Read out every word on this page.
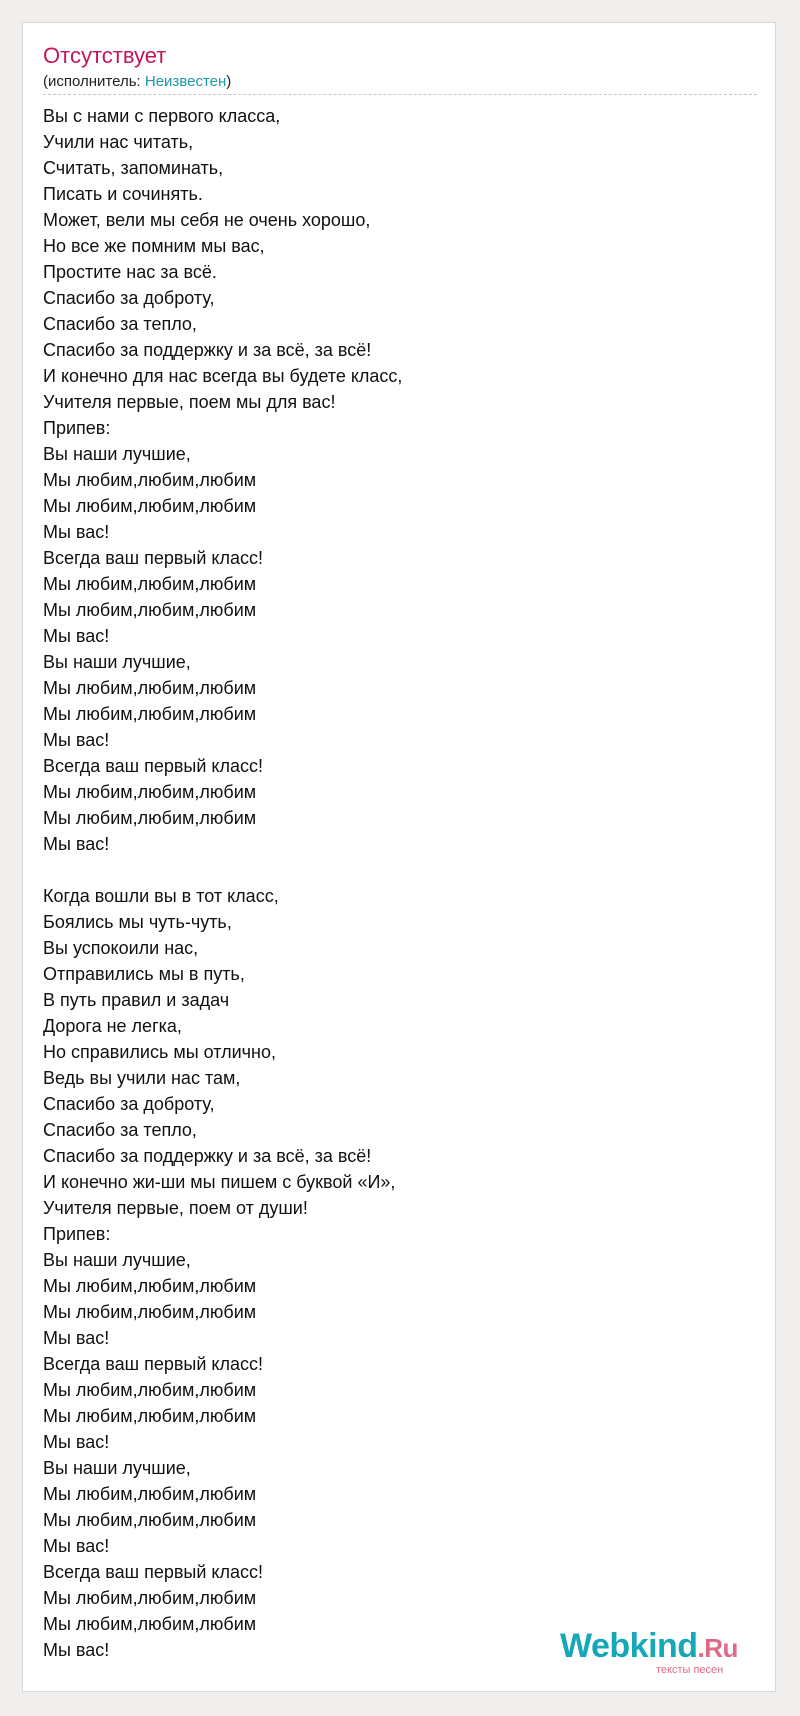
Отсутствует
(исполнитель: Неизвестен)
Вы с нами с первого класса,
Учили нас читать,
Считать, запоминать,
Писать и сочинять.
Может, вели мы себя не очень хорошо,
Но все же помним мы вас,
Простите нас за всё.
Спасибо за доброту,
Спасибо за тепло,
Спасибо за поддержку и за всё, за всё!
И конечно для нас всегда вы будете класс,
Учителя первые, поем мы для вас!
Припев:
Вы наши лучшие,
Мы любим,любим,любим
Мы любим,любим,любим
Мы вас!
Всегда ваш первый класс!
Мы любим,любим,любим
Мы любим,любим,любим
Мы вас!
Вы наши лучшие,
Мы любим,любим,любим
Мы любим,любим,любим
Мы вас!
Всегда ваш первый класс!
Мы любим,любим,любим
Мы любим,любим,любим
Мы вас!
Когда вошли вы в тот класс,
Боялись мы чуть-чуть,
Вы успокоили нас,
Отправились мы в путь,
В путь правил и задач
Дорога не легка,
Но справились мы отлично,
Ведь вы учили нас там,
Спасибо за доброту,
Спасибо за тепло,
Спасибо за поддержку и за всё, за всё!
И конечно жи-ши мы пишем с буквой «И»,
Учителя первые, поем от души!
Припев:
Вы наши лучшие,
Мы любим,любим,любим
Мы любим,любим,любим
Мы вас!
Всегда ваш первый класс!
Мы любим,любим,любим
Мы любим,любим,любим
Мы вас!
Вы наши лучшие,
Мы любим,любим,любим
Мы любим,любим,любим
Мы вас!
Всегда ваш первый класс!
Мы любим,любим,любим
Мы любим,любим,любим
Мы вас!	Webkind.Ru
тексты песен
